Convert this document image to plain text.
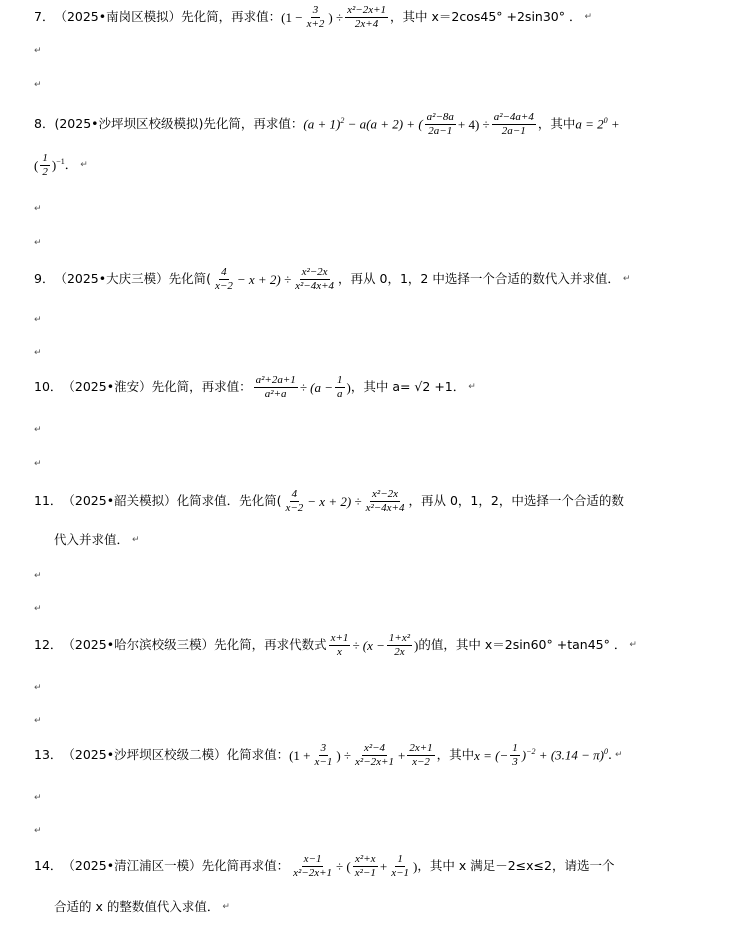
7． （2025•南岗区模拟）先化简，再求值： ($1 - \frac{3}{x+2}$ ) ÷ $\frac{\text{x²−2x+1}}{2x+4}$ ，其中 x＝2cos45° +2sin30° ． ↵
↵
↵
8． (2025•沙坪坝区校级模拟)先化简，再求值： $(a + 1)^2 - a(a + 2)$ + ( $\frac{\text{a²−8a}}{2a-1} + 4) \div \frac{\text{a²−4a+4}}{2a-1}$ ，其中 $a = 2^0$ +
( $\frac{1}{2} )^{-1}$ ． ↵
↵
↵
9． （2025•大庆三模）先化简( $\frac{4}{x-2} - x + 2) \div \frac{\text{x²−2x}}{\text{x²−4x+4}}$ ，再从 0，1，2 中选择一个合适的数代入并求值． ↵
↵
↵
10． （2025•淮安）先化简，再求值： $\frac{\text{a²+2a+1}}{\text{a²+a}} \div (a - \frac{1}{a}$ ) ，其中 a= √2 +1． ↵
↵
↵
11． （2025•韶关模拟）化简求值．先化简( $\frac{4}{x-2} - x + 2) \div \frac{\text{x²−2x}}{\text{x²−4x+4}}$ ，再从 0，1，2，中选择一个合适的数
代入并求值． ↵
↵
↵
12． （2025•哈尔滨校级三模）先化简，再求代数式 $\frac{x+1}{x} \div (x - \frac{\text{1+x²}}{2x}$ ) 的值，其中 x＝2sin60° +tan45° ． ↵
↵
↵
13． （2025•沙坪坝区校级二模）化简求值： ($1 + \frac{3}{x-1}$ ) ÷ $\frac{\text{x²−4}}{\text{x²−2x+1}} + \frac{2x+1}{x-2}$ ，其中 x = (− $\frac{1}{3} )^{-2} + (3.14 - \pi)^0$ . ↵
↵
↵
14． （2025•清江浦区一模）先化简再求值： $\frac{x-1}{\text{x²−2x+1}}$ ÷ ( $\frac{\text{x²+x}}{\text{x²−1}} + \frac{1}{x-1}$ ) ，其中 x 满足－2≤x≤2，请选一个
合适的 x 的整数值代入求值． ↵
